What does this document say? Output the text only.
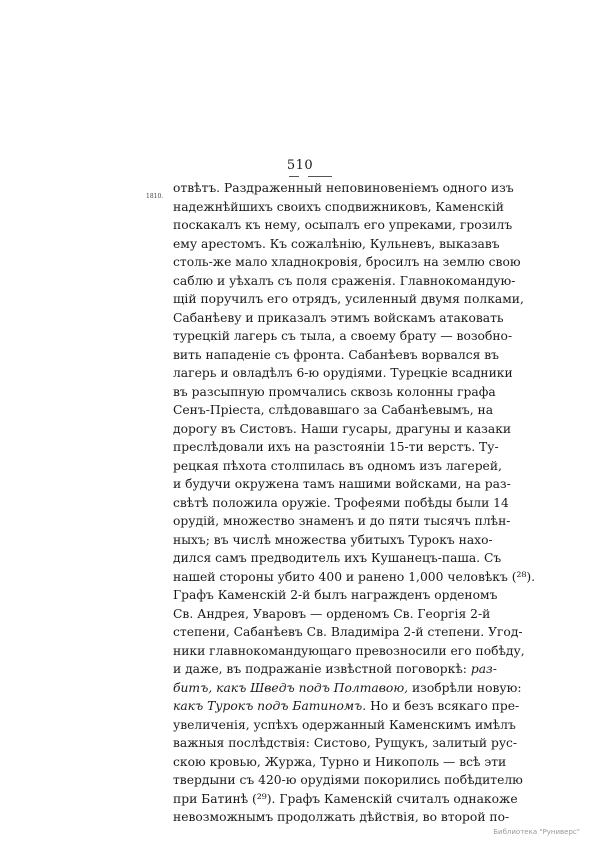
510
1810.
отвѣтъ. Раздраженный неповиновеніемъ одного изъ
надежнѣйшихъ своихъ сподвижниковъ, Каменскій
поскакалъ къ нему, осыпалъ его упреками, грозилъ
ему арестомъ. Къ сожалѣнію, Кульневъ, выказавъ
столь-же мало хладнокровія, бросилъ на землю свою
саблю и уѣхалъ съ поля сраженія. Главнокомандую-
щій поручилъ его отрядъ, усиленный двумя полками,
Сабанѣеву и приказалъ этимъ войскамъ атаковать
турецкій лагерь съ тыла, а своему брату — возобно-
вить нападеніе съ фронта. Сабанѣевъ ворвался въ
лагерь и овладѣлъ 6-ю орудіями. Турецкіе всадники
въ разсыпную промчались сквозь колонны графа
Сенъ-Пріеста, слѣдовавшаго за Сабанѣевымъ, на
дорогу въ Систовъ. Наши гусары, драгуны и казаки
преслѣдовали ихъ на разстояніи 15-ти верстъ. Ту-
рецкая пѣхота столпилась въ одномъ изъ лагерей,
и будучи окружена тамъ нашими войсками, на раз-
свѣтѣ положила оружіе. Трофеями побѣды были 14
орудій, множество знаменъ и до пяти тысячъ плѣн-
ныхъ; въ числѣ множества убитыхъ Турокъ нахо-
дился самъ предводитель ихъ Кушанецъ-паша. Съ
нашей стороны убито 400 и ранено 1,000 человѣкъ (²⁸).
Графъ Каменскій 2-й былъ награжденъ орденомъ
Св. Андрея, Уваровъ — орденомъ Св. Георгія 2-й
степени, Сабанѣевъ Св. Владиміра 2-й степени. Угод-
ники главнокомандующаго превозносили его побѣду,
и даже, въ подражаніе извѣстной поговоркѣ: раз-
битъ, какъ Шведъ подъ Полтавою, изобрѣли новую:
какъ Турокъ подъ Батиномъ. Но и безъ всякаго пре-
увеличенія, успѣхъ одержанный Каменскимъ имѣлъ
важныя послѣдствія: Систово, Рущукъ, залитый рус-
скою кровью, Журжа, Турно и Никополь — всѣ эти
твердыни съ 420-ю орудіями покорились побѣдителю
при Батинѣ (²⁹). Графъ Каменскій считалъ однакоже
невозможнымъ продолжать дѣйствія, во второй по-
Библиотека "Руниверс"
